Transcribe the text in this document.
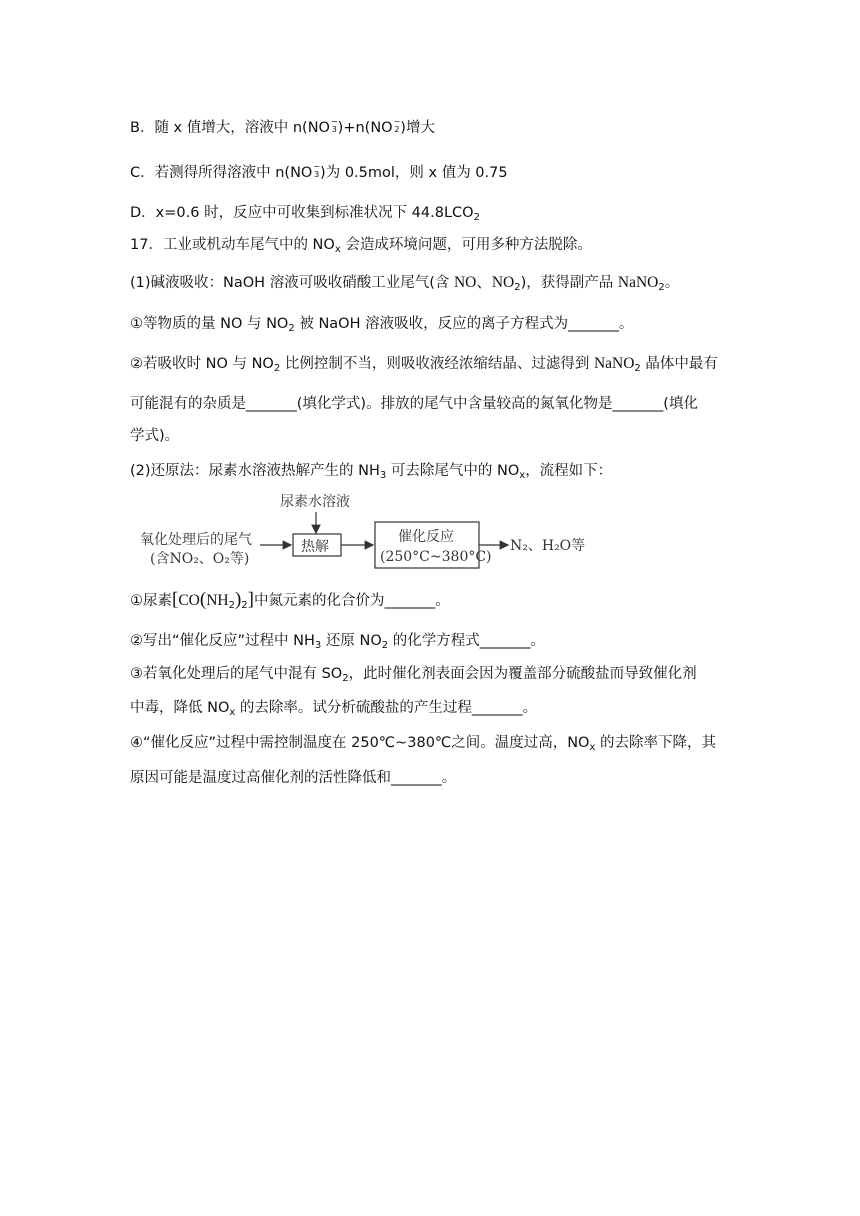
B．随 x 值增大，溶液中 n(NO −
3 )+n(NO −
2 )增大
C．若测得所得溶液中 n(NO −
3 )为 0.5mol，则 x 值为 0.75
D．x=0.6 时，反应中可收集到标准状况下 $44.8LCO_2$
17．工业或机动车尾气中的 $NO_x$ 会造成环境问题，可用多种方法脱除。
(1)碱液吸收：NaOH 溶液可吸收硝酸工业尾气(含 NO、$NO_2$)，获得副产品 NaNO$_2$。
①等物质的量 NO 与 $NO_2$ 被 NaOH 溶液吸收，反应的离子方程式为_______。
②若吸收时 NO 与 $NO_2$ 比例控制不当，则吸收液经浓缩结晶、过滤得到 NaNO$_2$ 晶体中最有
可能混有的杂质是_______(填化学式)。排放的尾气中含量较高的氮氧化物是_______(填化
学式)。
(2)还原法：尿素水溶液热解产生的 $NH_3$ 可去除尾气中的 $NO_x$，流程如下：
氧化处理后的尾气
(含NO₂、O₂等)
尿素水溶液
热解
催化反应
(250°C~380°C)
N₂、H₂O等
①尿素$[CO(NH_2)_2]$中氮元素的化合价为_______。
②写出“催化反应”过程中 $NH_3$ 还原 $NO_2$ 的化学方程式_______。
③若氧化处理后的尾气中混有 $SO_2$，此时催化剂表面会因为覆盖部分硫酸盐而导致催化剂
中毒，降低 $NO_x$ 的去除率。试分析硫酸盐的产生过程_______。
④“催化反应”过程中需控制温度在 250℃~380℃之间。温度过高，$NO_x$ 的去除率下降，其
原因可能是温度过高催化剂的活性降低和_______。
